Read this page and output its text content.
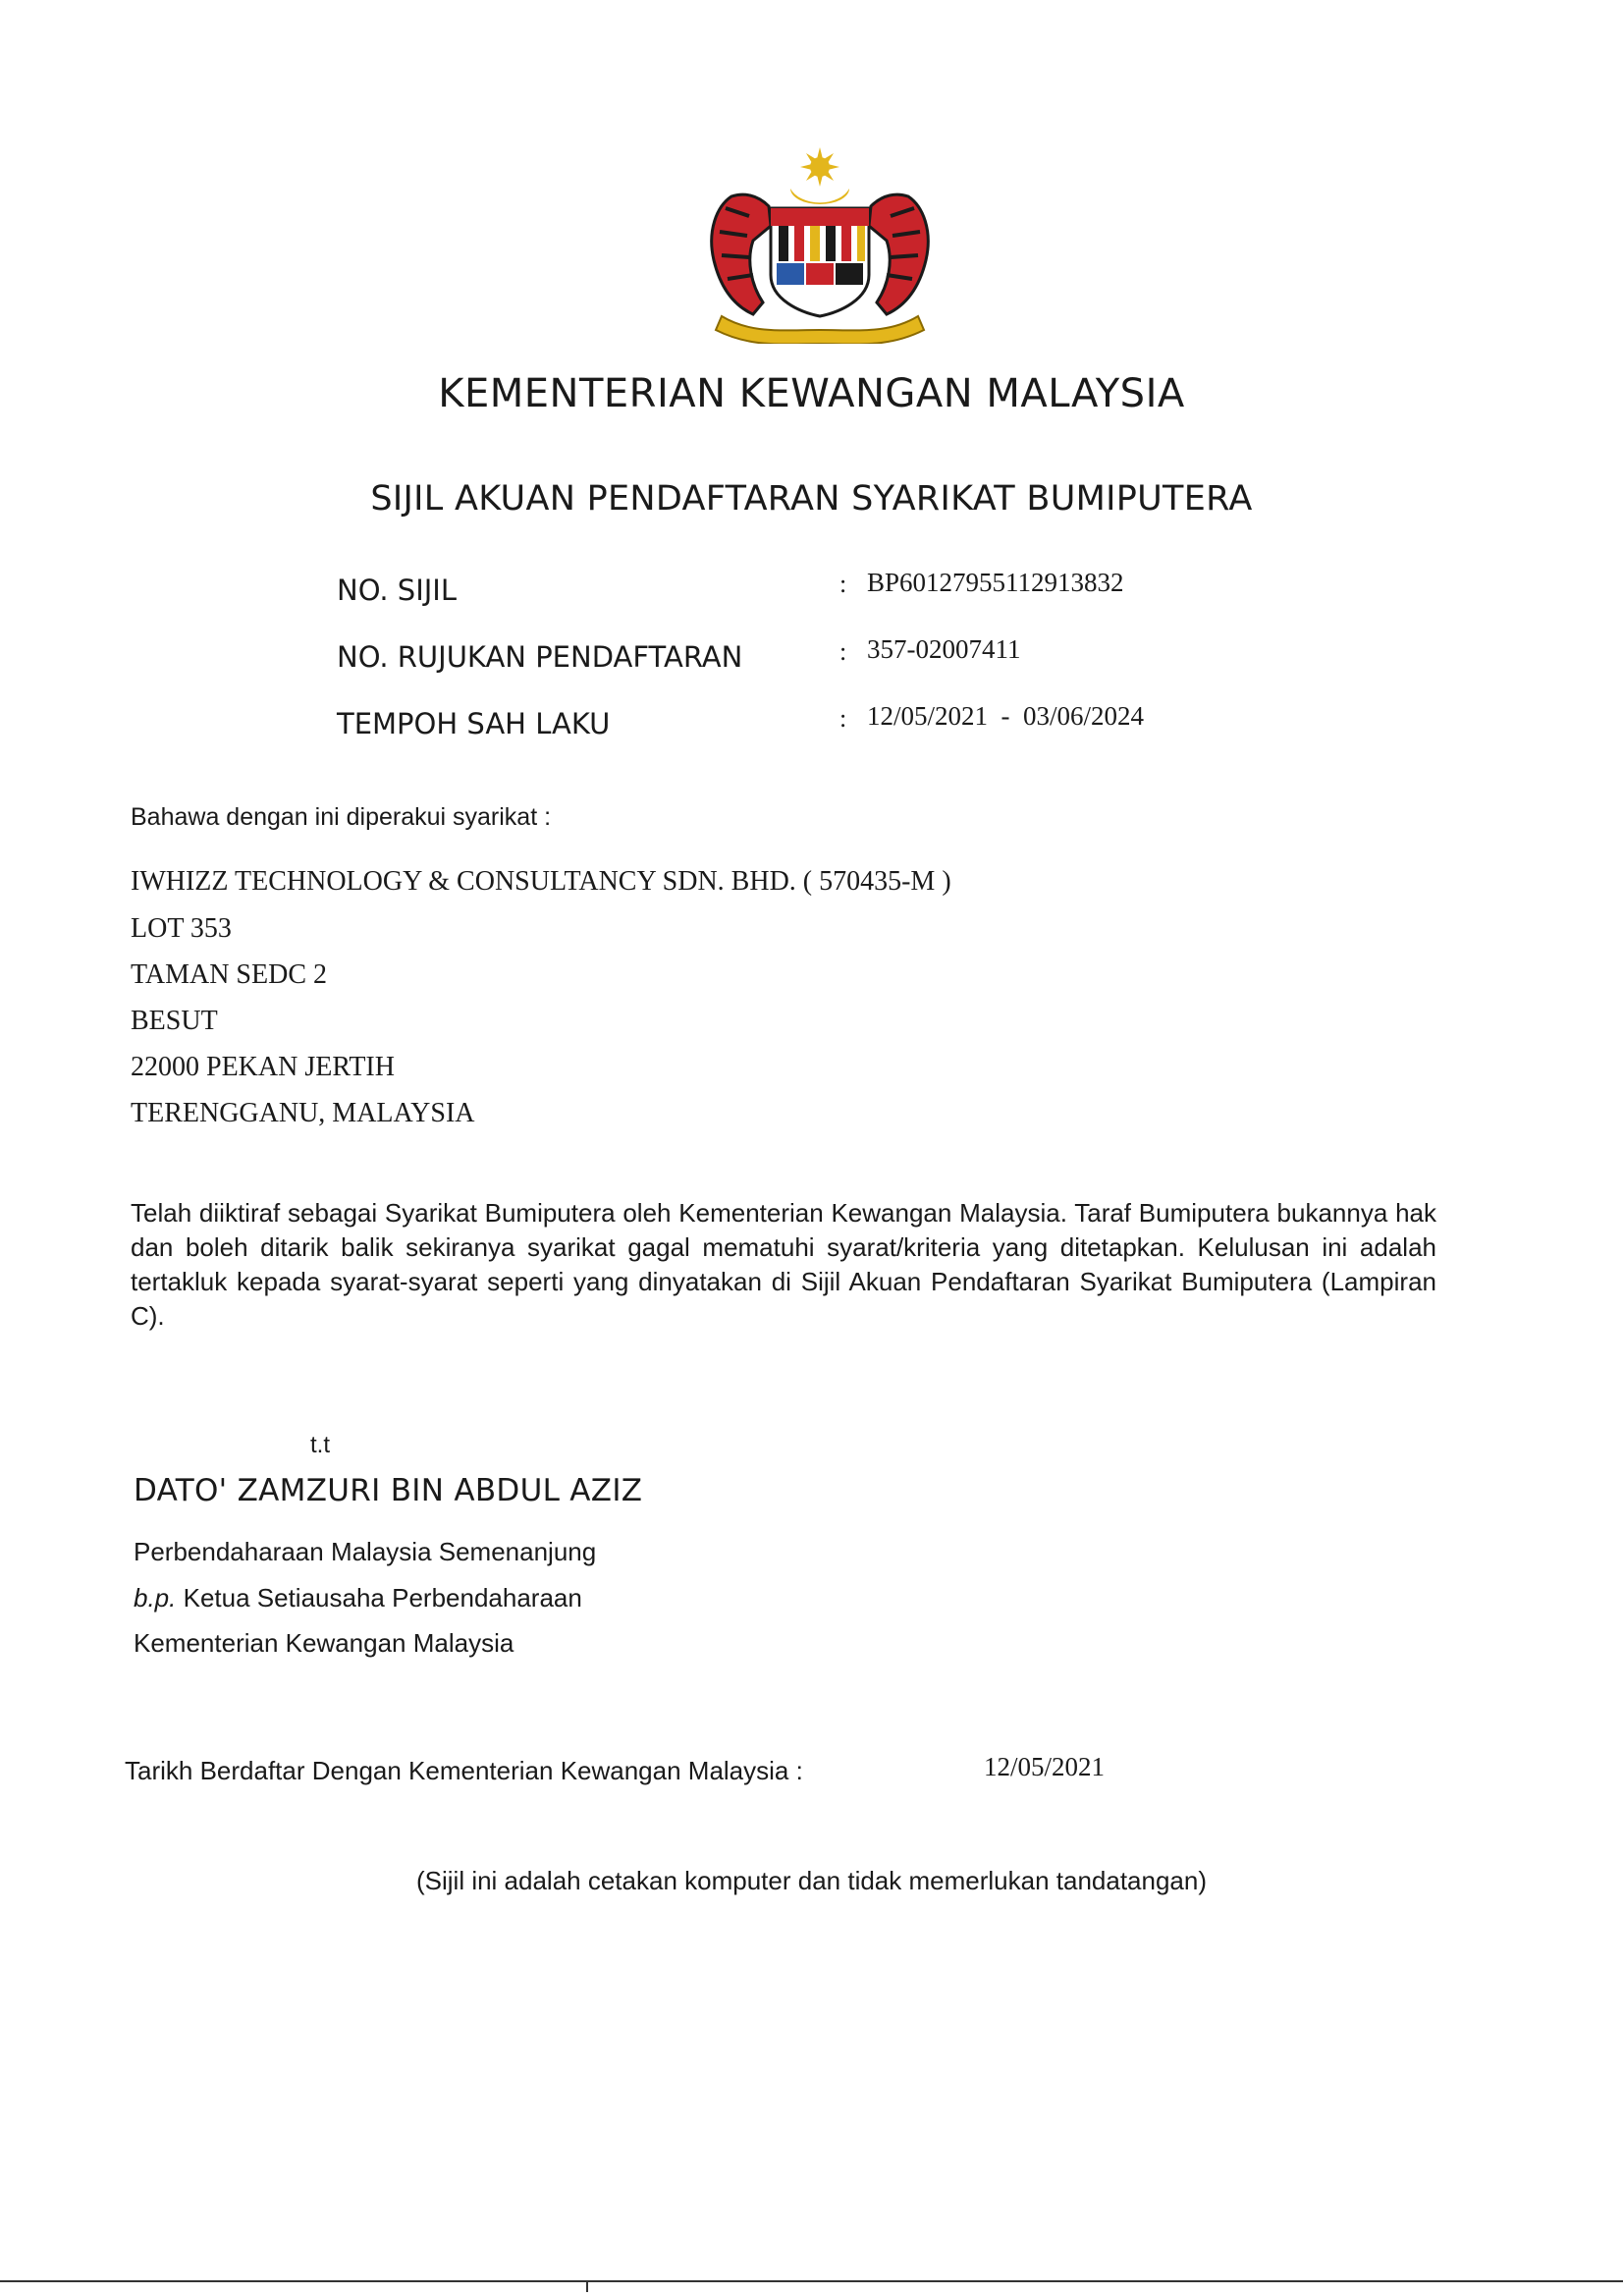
KEMENTERIAN KEWANGAN MALAYSIA
SIJIL AKUAN PENDAFTARAN SYARIKAT BUMIPUTERA
NO. SIJIL	: BP60127955112913832
NO. RUJUKAN PENDAFTARAN	: 357-02007411
TEMPOH SAH LAKU	: 12/05/2021  -  03/06/2024
Bahawa dengan ini diperakui syarikat :
IWHIZZ TECHNOLOGY & CONSULTANCY SDN. BHD. ( 570435-M )
LOT 353
TAMAN SEDC 2
BESUT
22000 PEKAN JERTIH
TERENGGANU, MALAYSIA
Telah diiktiraf sebagai Syarikat Bumiputera oleh Kementerian Kewangan Malaysia. Taraf Bumiputera bukannya hak dan boleh ditarik balik sekiranya syarikat gagal mematuhi syarat/kriteria yang ditetapkan. Kelulusan ini adalah tertakluk kepada syarat-syarat seperti yang dinyatakan di Sijil Akuan Pendaftaran Syarikat Bumiputera (Lampiran C).
t.t
DATO' ZAMZURI BIN ABDUL AZIZ
Perbendaharaan Malaysia Semenanjung
b.p. Ketua Setiausaha Perbendaharaan
Kementerian Kewangan Malaysia
Tarikh Berdaftar Dengan Kementerian Kewangan Malaysia :	12/05/2021
(Sijil ini adalah cetakan komputer dan tidak memerlukan tandatangan)
